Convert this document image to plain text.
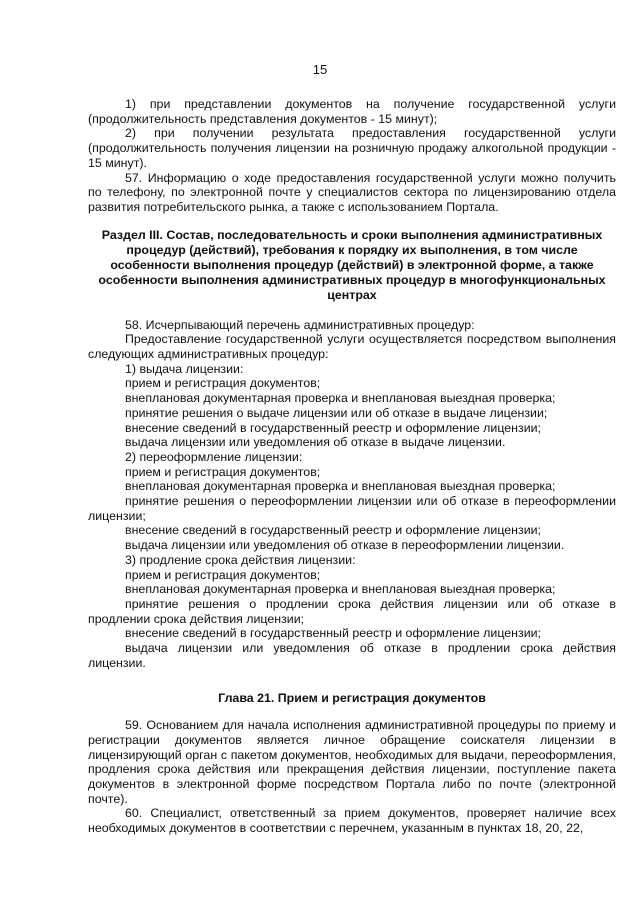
15

1) при представлении документов на получение государственной услуги (продолжительность представления документов - 15 минут);

2) при получении результата предоставления государственной услуги (продолжительность получения лицензии на розничную продажу алкогольной продукции - 15 минут).

57. Информацию о ходе предоставления государственной услуги можно получить по телефону, по электронной почте у специалистов сектора по лицензированию отдела развития потребительского рынка, а также с использованием Портала.

Раздел III. Состав, последовательность и сроки выполнения административных процедур (действий), требования к порядку их выполнения, в том числе особенности выполнения процедур (действий) в электронной форме, а также особенности выполнения административных процедур в многофункциональных центрах

58. Исчерпывающий перечень административных процедур:

Предоставление государственной услуги осуществляется посредством выполнения следующих административных процедур:

1) выдача лицензии:

прием и регистрация документов;

внеплановая документарная проверка и внеплановая выездная проверка;

принятие решения о выдаче лицензии или об отказе в выдаче лицензии;

внесение сведений в государственный реестр и оформление лицензии;

выдача лицензии или уведомления об отказе в выдаче лицензии.

2) переоформление лицензии:

прием и регистрация документов;

внеплановая документарная проверка и внеплановая выездная проверка;

принятие решения о переоформлении лицензии или об отказе в переоформлении лицензии;

внесение сведений в государственный реестр и оформление лицензии;

выдача лицензии или уведомления об отказе в переоформлении лицензии.

3) продление срока действия лицензии:

прием и регистрация документов;

внеплановая документарная проверка и внеплановая выездная проверка;

принятие решения о продлении срока действия лицензии или об отказе в продлении срока действия лицензии;

внесение сведений в государственный реестр и оформление лицензии;

выдача лицензии или уведомления об отказе в продлении срока действия лицензии.

Глава 21. Прием и регистрация документов

59. Основанием для начала исполнения административной процедуры по приему и регистрации документов является личное обращение соискателя лицензии в лицензирующий орган с пакетом документов, необходимых для выдачи, переоформления, продления срока действия или прекращения действия лицензии, поступление пакета документов в электронной форме посредством Портала либо по почте (электронной почте).

60. Специалист, ответственный за прием документов, проверяет наличие всех необходимых документов в соответствии с перечнем, указанным в пунктах 18, 20, 22,
